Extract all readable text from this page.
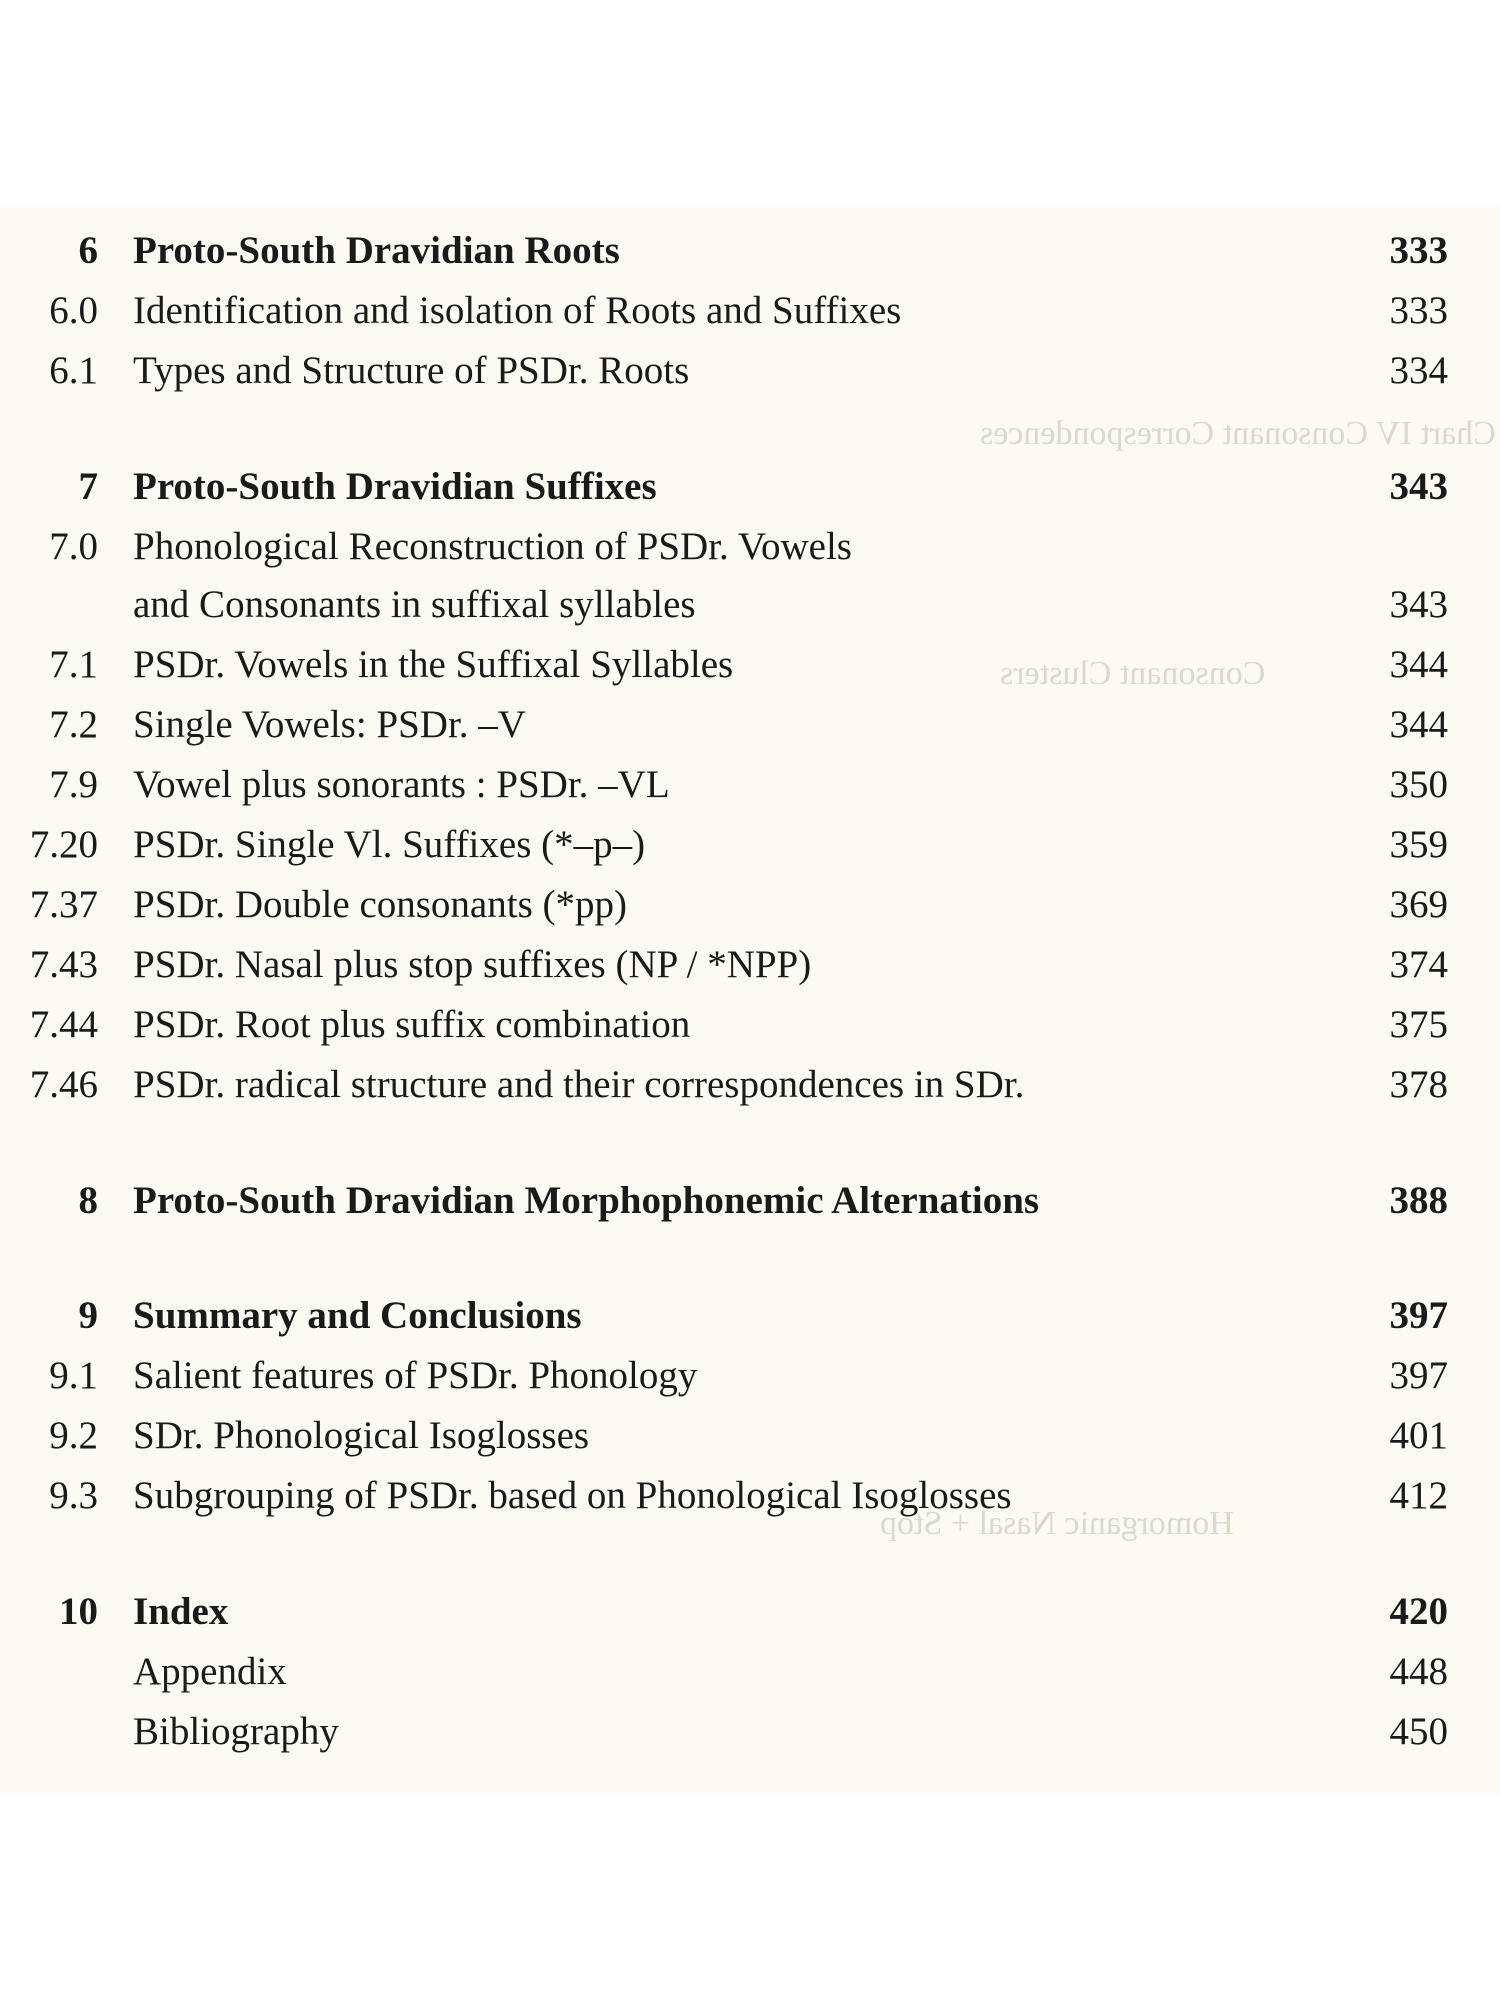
Chart IV Consonant Correspondences
Consonant Clusters
Homorganic Nasal + Stop
6 Proto-South Dravidian Roots	333
6.0 Identification and isolation of Roots and Suffixes	333
6.1 Types and Structure of PSDr. Roots	334
7 Proto-South Dravidian Suffixes	343
7.0 Phonological Reconstruction of PSDr. Vowels
and Consonants in suffixal syllables	343
7.1 PSDr. Vowels in the Suffixal Syllables	344
7.2 Single Vowels: PSDr. –V	344
7.9 Vowel plus sonorants : PSDr. –VL	350
7.20 PSDr. Single Vl. Suffixes (*–p–)	359
7.37 PSDr. Double consonants (*pp)	369
7.43 PSDr. Nasal plus stop suffixes (NP / *NPP)	374
7.44 PSDr. Root plus suffix combination	375
7.46 PSDr. radical structure and their correspondences in SDr.	378
8 Proto-South Dravidian Morphophonemic Alternations	388
9 Summary and Conclusions	397
9.1 Salient features of PSDr. Phonology	397
9.2 SDr. Phonological Isoglosses	401
9.3 Subgrouping of PSDr. based on Phonological Isoglosses	412
10 Index	420
Appendix	448
Bibliography	450
